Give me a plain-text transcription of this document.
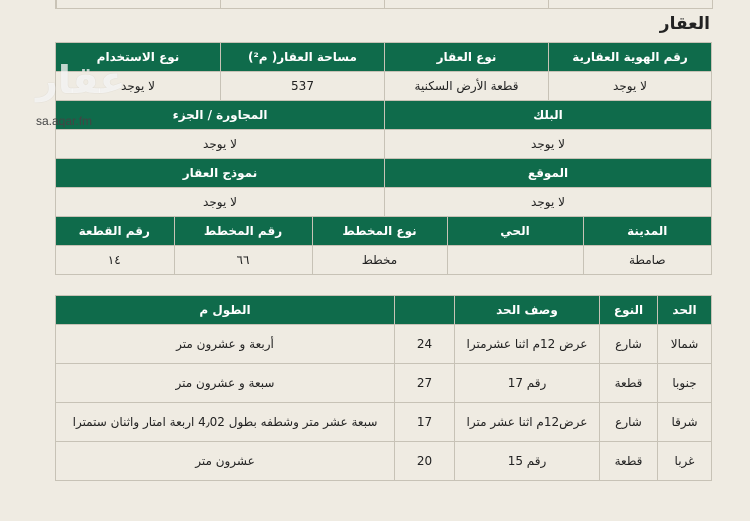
العقار
رقم الهوية العقارية	نوع العقار	مساحة العقار( م²)	نوع الاستخدام
لا يوجد	قطعة الأرض السكنية	537	لا يوجد
البلك	المجاورة / الجزء
لا يوجد	لا يوجد
الموقع	نموذج العقار
لا يوجد	لا يوجد

المدينة	الحي	نوع المخطط	رقم المخطط	رقم القطعة
صامطة		مخطط	٦٦	١٤
الحد	النوع	وصف الحد		الطول م
شمالا	شارع	عرض 12م اثنا عشرمترا	24	أربعة و عشرون متر
جنوبا	قطعة	رقم 17	27	سبعة و عشرون متر
شرقا	شارع	عرض12م اثنا عشر مترا	17	سبعة عشر متر وشطفه بطول 4٫02 اربعة امتار واثنان ستمترا
غربا	قطعة	رقم 15	20	عشرون متر
عقار
sa.aqar.fm
